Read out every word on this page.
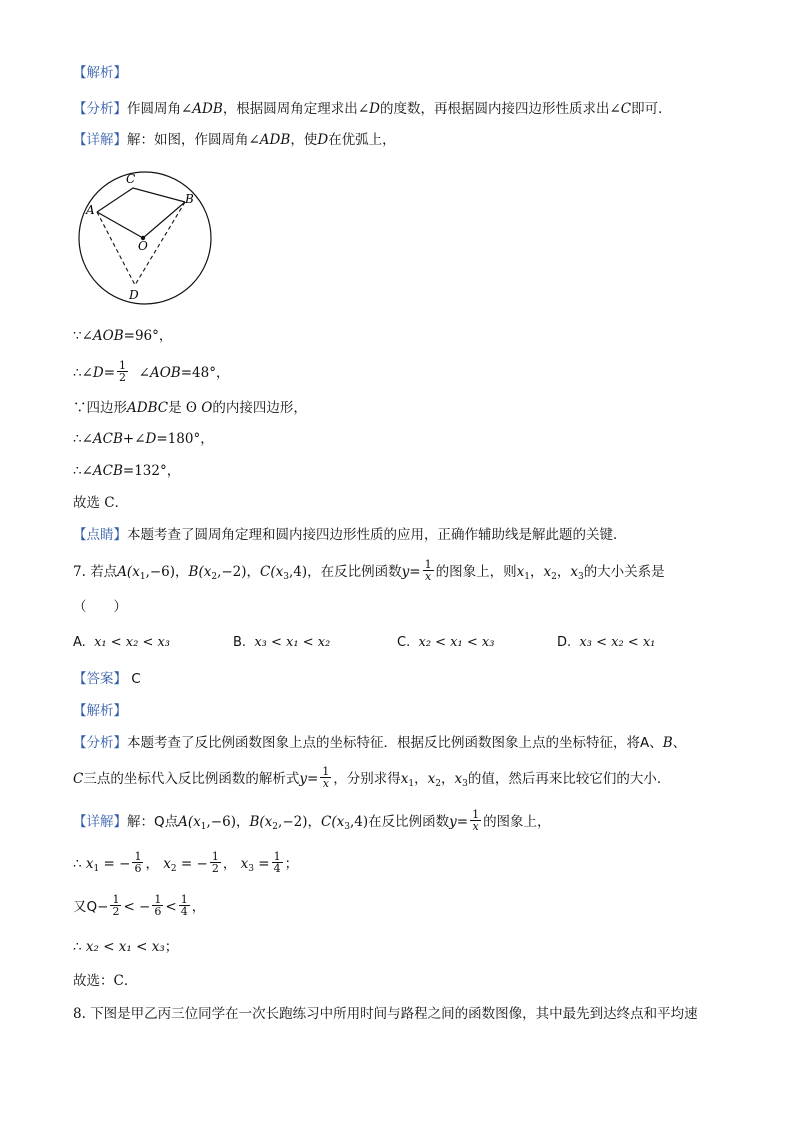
【解析】
【分析】作圆周角∠ADB，根据圆周角定理求出∠D的度数，再根据圆内接四边形性质求出∠C即可．
【详解】解：如图，作圆周角∠ADB，使D在优弧上，
C
A
B
O
D
∵∠AOB=96°，
∴∠D= $\frac{1}{2}$ ∠AOB=48°，
∵四边形ADBC是 ʘ O的内接四边形，
∴∠ACB+∠D=180°，
∴∠ACB=132°，
故选 C．
【点睛】本题考查了圆周角定理和圆内接四边形性质的应用，正确作辅助线是解此题的关键．
7. 若点$A(x_1,-6)$，$B(x_2,-2)$，$C(x_3,4)$，在反比例函数$y= \frac{1}{x}$ 的图象上，则$x_1$，$x_2$，$x_3$的大小关系是
（　　）
A. x₁ < x₂ < x₃	B. x₃ < x₁ < x₂	C. x₂ < x₁ < x₃	D. x₃ < x₂ < x₁
【答案】 C
【解析】
【分析】本题考查了反比例函数图象上点的坐标特征．根据反比例函数图象上点的坐标特征，将A、B、
C三点的坐标代入反比例函数的解析式$y= \frac{1}{x}$ ，分别求得$x_1$，$x_2$，$x_3$的值，然后再来比较它们的大小．
【详解】解：Q点$A(x_1,-6)$，$B(x_2,-2)$，$C(x_3,4)$在反比例函数$y= \frac{1}{x}$ 的图象上，
∴ $x_1$ = − $\frac{1}{6}$ ， $x_2$ = − $\frac{1}{2}$ ， $x_3 = \frac{1}{4}$ ；
又$Q- \frac{1}{2}$ < − $\frac{1}{6} < \frac{1}{4}$ ，
∴ x₂ < x₁ < x₃；
故选：C．
8. 下图是甲乙丙三位同学在一次长跑练习中所用时间与路程之间的函数图像，其中最先到达终点和平均速
